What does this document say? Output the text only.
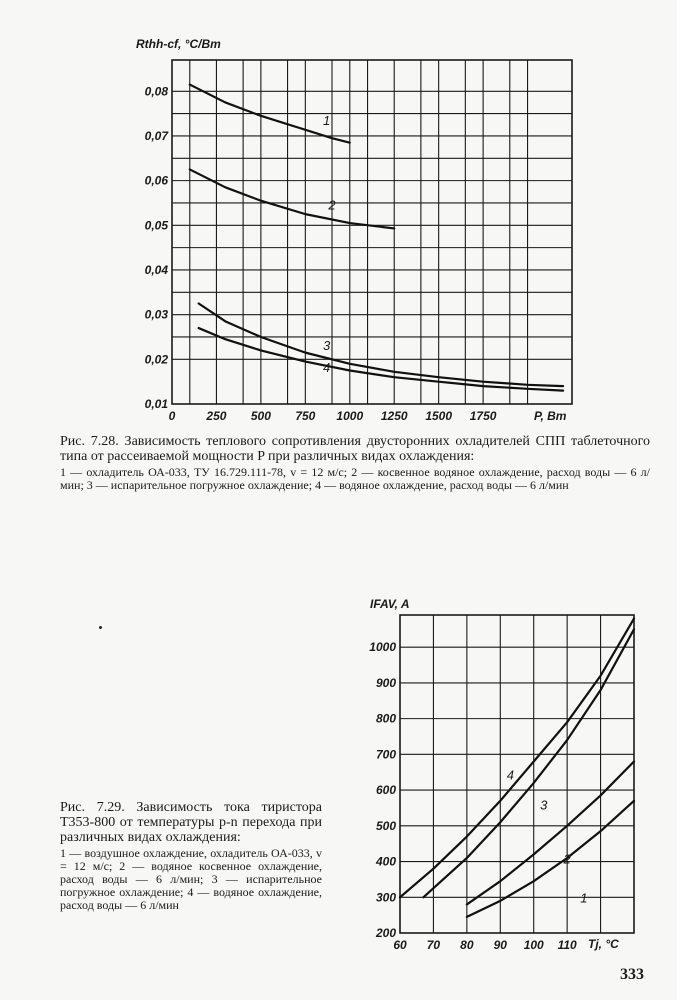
0	250 500 750 1000 1250 1500 1750
0,01
0,02
0,03
0,04
0,05
0,06
0,07
0,08
1
2
3
4
Rthh-cf, °C/Вт
P, Вт
60 70 80 90 100 110
200
300
400
500
600
700
800
900
1000
1
2
3
4
IFAV, A
Tj, °C
Рис. 7.28. Зависимость теплового сопротивления двусторонних охладителей СПП таблеточного типа от рассеиваемой мощности P при различных видах охлаждения:
1 — охладитель ОА-033, ТУ 16.729.111-78, v = 12 м/с; 2 — косвенное водяное охлаждение, расход воды — 6 л/мин; 3 — испарительное погружное охлаждение; 4 — водяное охлаждение, расход воды — 6 л/мин
Рис. 7.29. Зависимость тока тиристора Т353-800 от температуры p-n перехода при различных видах охлаждения:
1 — воздушное охлаждение, охладитель ОА-033, v = 12 м/с; 2 — водяное косвенное охлаждение, расход воды — 6 л/мин; 3 — испарительное погружное охлаждение; 4 — водяное охлаждение, расход воды — 6 л/мин
333
